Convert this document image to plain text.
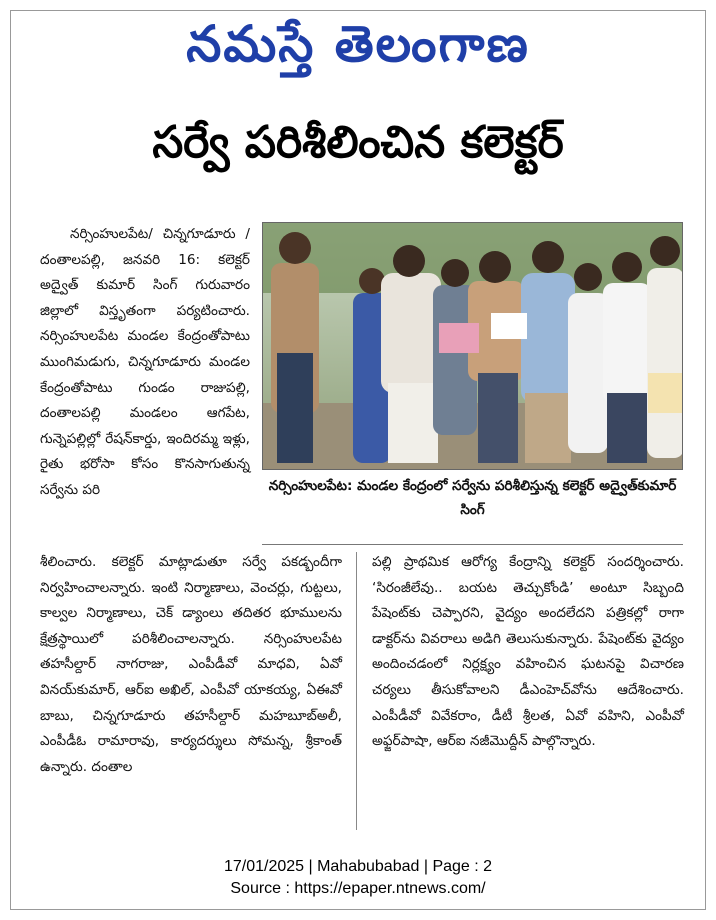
నమస్తే తెలంగాణ
సర్వే పరిశీలించిన కలెక్టర్
నర్సింహులపేట/ చిన్నగూడూరు /దంతాలపల్లి, జనవరి 16: కలెక్టర్ అద్వైత్ కుమార్ సింగ్ గురువారం జిల్లాలో విస్తృతంగా పర్యటించారు. నర్సింహులపేట మండల కేంద్రంతోపాటు ముంగిమడుగు, చిన్నగూడూరు మండల కేంద్రంతోపాటు గుండం రాజుపల్లి, దంతాలపల్లి మండలం ఆగపేట, గున్నెపల్లిల్లో రేషన్‌కార్డు, ఇందిరమ్మ ఇళ్లు, రైతు భరోసా కోసం కొనసాగుతున్న సర్వేను పరి	నర్సింహులపేట: మండల కేంద్రంలో సర్వేను పరిశీలిస్తున్న కలెక్టర్ అద్వైత్‌కుమార్ సింగ్
శీలించారు. కలెక్టర్ మాట్లాడుతూ సర్వే పకడ్బందీగా నిర్వహించాలన్నారు. ఇంటి నిర్మాణాలు, వెంచర్లు, గుట్టలు, కాల్వల నిర్మాణాలు, చెక్ డ్యాంలు తదితర భూములను క్షేత్రస్థాయిలో పరిశీలించాలన్నారు. నర్సింహులపేట తహసీల్దార్ నాగరాజు, ఎంపీడీవో మాధవి, ఏవో వినయ్‌కుమార్, ఆర్ఐ అఖిల్, ఎంపీవో యాకయ్య, ఏఈవో బాబు, చిన్నగూడూరు తహసీల్దార్ మహబూబ్అలీ, ఎంపీడీఓ రామారావు, కార్యదర్శులు సోమన్న, శ్రీకాంత్ ఉన్నారు. దంతాల
పల్లి ప్రాథమిక ఆరోగ్య కేంద్రాన్ని కలెక్టర్ సందర్శించారు. ‘సిరంజీలేవు.. బయట తెచ్చుకోండి’ అంటూ సిబ్బంది పేషెంట్‌కు చెప్పారని, వైద్యం అందలేదని పత్రికల్లో రాగా డాక్టర్‌ను వివరాలు అడిగి తెలుసుకున్నారు. పేషెంట్‌కు వైద్యం అందించడంలో నిర్లక్ష్యం వహించిన ఘటనపై విచారణ చర్యలు తీసుకోవాలని డీఎంహెచ్‌వోను ఆదేశించారు. ఎంపీడీవో వివేకరాం, డీటీ శ్రీలత, ఏవో వహిని, ఎంపీవో అఫ్జర్‌పాషా, ఆర్ఐ నజీమొద్దీన్ పాల్గొన్నారు.
17/01/2025 | Mahabubabad | Page : 2
Source : https://epaper.ntnews.com/
